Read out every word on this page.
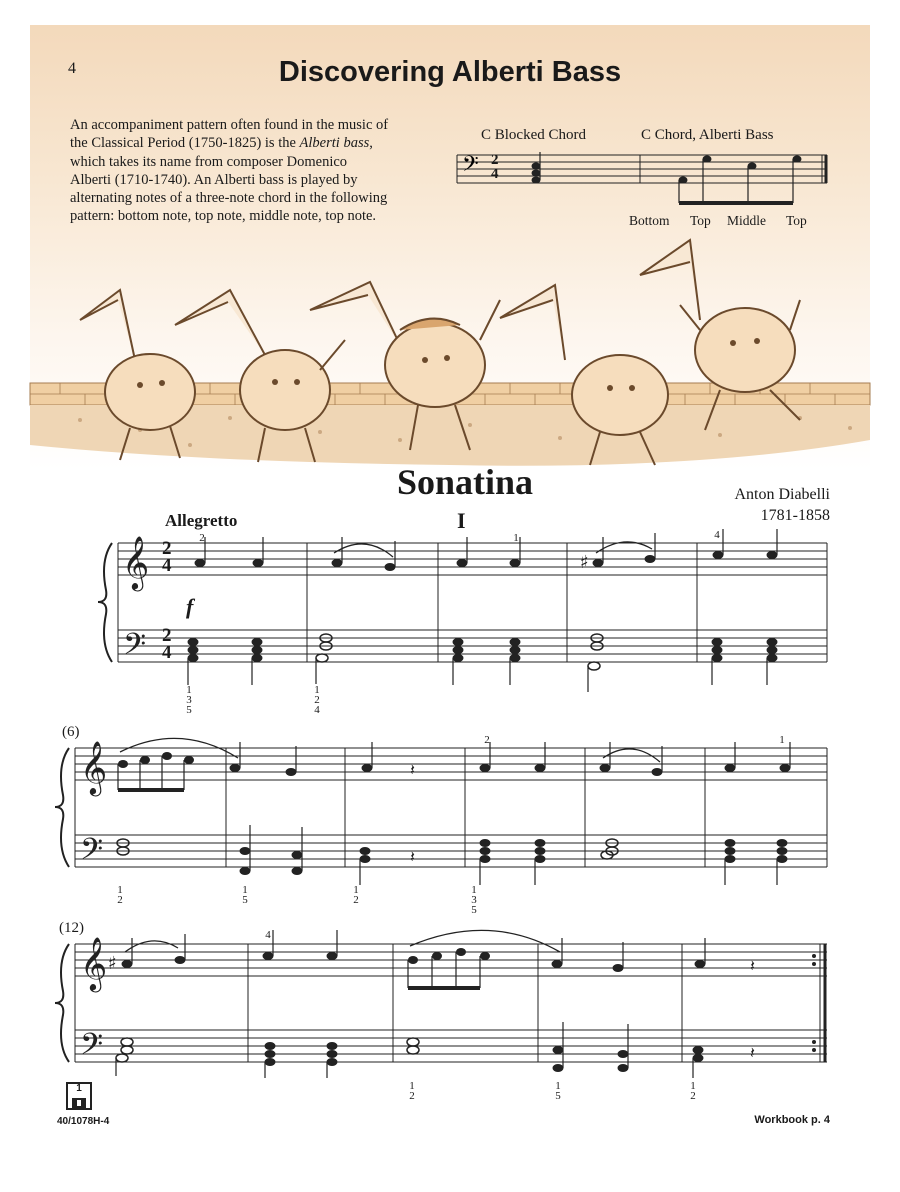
4	Discovering Alberti Bass

An accompaniment pattern often found in the music of the Classical Period (1750-1825) is the Alberti bass, which takes its name from composer Domenico Alberti (1710-1740). An Alberti bass is played by alternating notes of a three-note chord in the following pattern: bottom note, top note, middle note, top note.

C Blocked Chord	C Chord, Alberti Bass
Bottom Top Middle Top
𝄢 2
4
Sonatina	Anton Diabelli
1781-1858
Allegretto	I
f
𝄞
𝄢
𝄞
𝄢
𝄞
𝄢
♯
𝄽
𝄽
♯	𝄽
𝄽
2
4
2
4
(6)
(12)
2	1	4
2	1
4
1
3
5
1
2
4
1
2
1
5
1
2
1
3
5
1
2
1
5
1
2
1
40/1078H-4	Workbook p. 4
